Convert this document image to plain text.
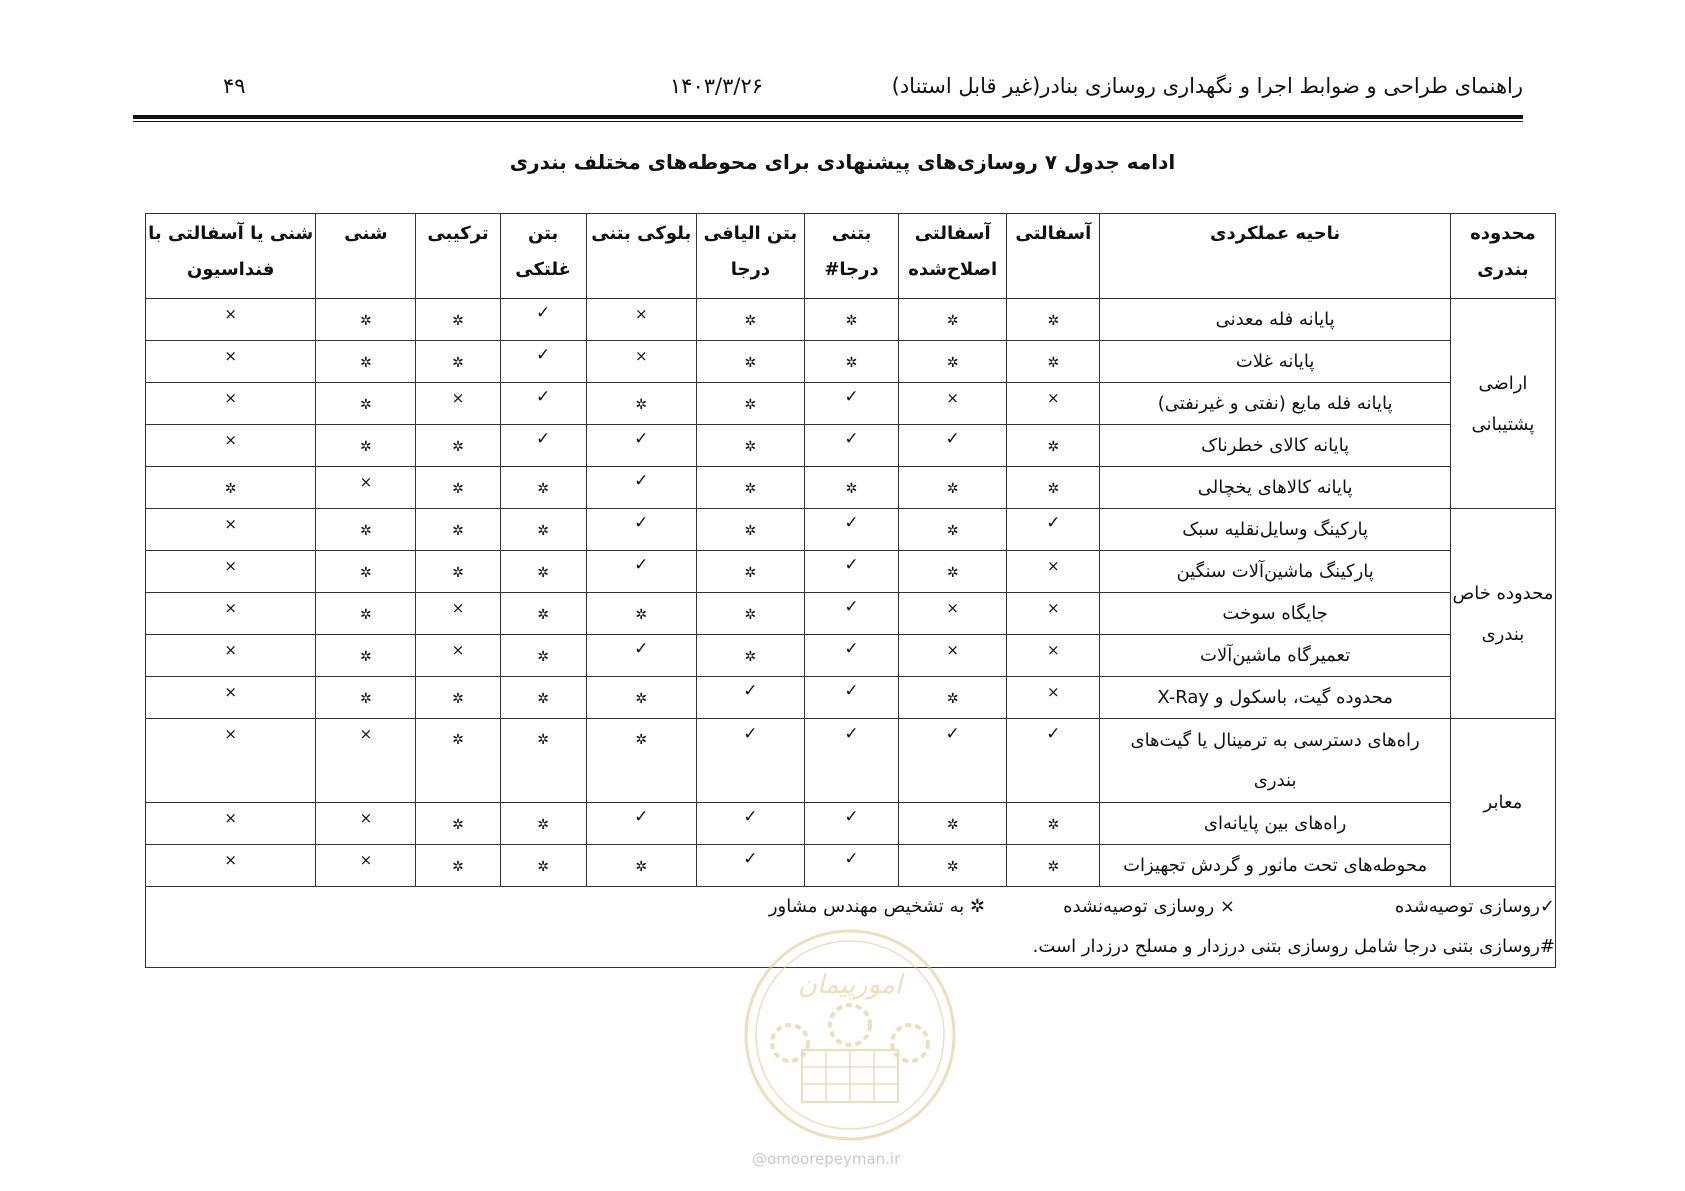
راهنمای طراحی و ضوابط اجرا و نگهداری روسازی بنادر(غیر قابل استناد)
۱۴۰۳/۳/۲۶
۴۹
ادامه جدول ۷ روسازی‌های پیشنهادی برای محوطه‌های مختلف بندری
محدوده بندری	ناحیه عملکردی	آسفالتی	آسفالتی اصلاح‌شده	بتنی درجا#	بتن الیافی درجا	بلوکی بتنی	بتن غلتکی	ترکیبی	شنی	شنی یا آسفالتی با فنداسیون
اراضی پشتیبانی	پایانه فله معدنی	✲	✲	✲	✲	×	✓	✲	✲	×
	پایانه غلات	✲	✲	✲	✲	×	✓	✲	✲	×
	پایانه فله مایع (نفتی و غیرنفتی)	×	×	✓	✲	✲	✓	×	✲	×
	پایانه کالای خطرناک	✲	✓	✓	✲	✓	✓	✲	✲	×
	پایانه کالاهای یخچالی	✲	✲	✲	✲	✓	✲	✲	×	✲
محدوده خاص بندری	پارکینگ وسایل‌نقلیه سبک	✓	✲	✓	✲	✓	✲	✲	✲	×
	پارکینگ ماشین‌آلات سنگین	×	✲	✓	✲	✓	✲	✲	✲	×
	جایگاه سوخت	×	×	✓	✲	✲	✲	×	✲	×
	تعمیرگاه ماشین‌آلات	×	×	✓	✲	✓	✲	×	✲	×
	محدوده گیت، باسکول و X-Ray	×	✲	✓	✓	✲	✲	✲	✲	×
معابر	راه‌های دسترسی به ترمینال یا گیت‌های بندری	✓	✓	✓	✓	✲	✲	✲	×	×
	راه‌های بین پایانه‌ای	✲	✲	✓	✓	✓	✲	✲	×	×
	محوطه‌های تحت مانور و گردش تجهیزات	✲	✲	✓	✓	✲	✲	✲	×	×

✓روسازی توصیه‌شده
× روسازی توصیه‌نشده
✲ به تشخیص مهندس مشاور
#روسازی بتنی درجا شامل روسازی بتنی درزدار و مسلح درزدار است.										
امورپیمان
@omoorepeyman.ir
